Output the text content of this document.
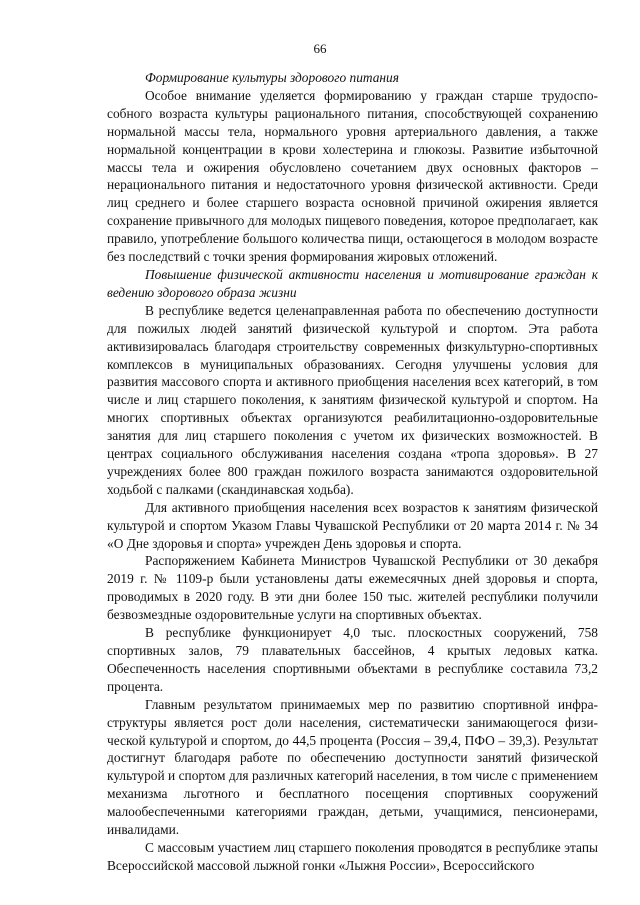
66

Формирование культуры здорового питания

Особое внимание уделяется формированию у граждан старше трудоспособного возраста культуры рационального питания, способствующей сохранению нормальной массы тела, нормального уровня артериального давления, а также нормальной концентрации в крови холестерина и глюкозы. Развитие избыточной массы тела и ожирения обусловлено сочетанием двух основных факторов – нерационального питания и недостаточного уровня физической активности. Среди лиц среднего и более старшего возраста основной причиной ожирения является сохранение привычного для молодых пищевого поведения, которое предполагает, как правило, употребление большого количества пищи, остающегося в молодом возрасте без последствий с точки зрения формирования жировых отложений.

Повышение физической активности населения и мотивирование граждан к ведению здорового образа жизни

В республике ведется целенаправленная работа по обеспечению доступности для пожилых людей занятий физической культурой и спортом. Эта работа активизировалась благодаря строительству современных физкультурно-спортивных комплексов в муниципальных образованиях. Сегодня улучшены условия для развития массового спорта и активного приобщения населения всех категорий, в том числе и лиц старшего поколения, к занятиям физической культурой и спортом. На многих спортивных объектах организуются реабилитационно-оздоровительные занятия для лиц старшего поколения с учетом их физических возможностей. В центрах социального обслуживания населения создана «тропа здоровья». В 27 учреждениях более 800 граждан пожилого возраста занимаются оздоровительной ходьбой с палками (скандинавская ходьба).

Для активного приобщения населения всех возрастов к занятиям физической культурой и спортом Указом Главы Чувашской Республики от 20 марта 2014 г. № 34 «О Дне здоровья и спорта» учрежден День здоровья и спорта.

Распоряжением Кабинета Министров Чувашской Республики от 30 декабря 2019 г. № 1109-р были установлены даты ежемесячных дней здоровья и спорта, проводимых в 2020 году. В эти дни более 150 тыс. жителей республики получили безвозмездные оздоровительные услуги на спортивных объектах.

В республике функционирует 4,0 тыс. плоскостных сооружений, 758 спортивных залов, 79 плавательных бассейнов, 4 крытых ледовых катка. Обеспеченность населения спортивными объектами в республике составила 73,2 процента.

Главным результатом принимаемых мер по развитию спортивной инфраструктуры является рост доли населения, систематически занимающегося физической культурой и спортом, до 44,5 процента (Россия – 39,4, ПФО – 39,3). Результат достигнут благодаря работе по обеспечению доступности занятий физической культурой и спортом для различных категорий населения, в том числе с применением механизма льготного и бесплатного посещения спортивных сооружений малообеспеченными категориями граждан, детьми, учащимися, пенсионерами, инвалидами.

С массовым участием лиц старшего поколения проводятся в республике этапы Всероссийской массовой лыжной гонки «Лыжня России», Всероссийского
